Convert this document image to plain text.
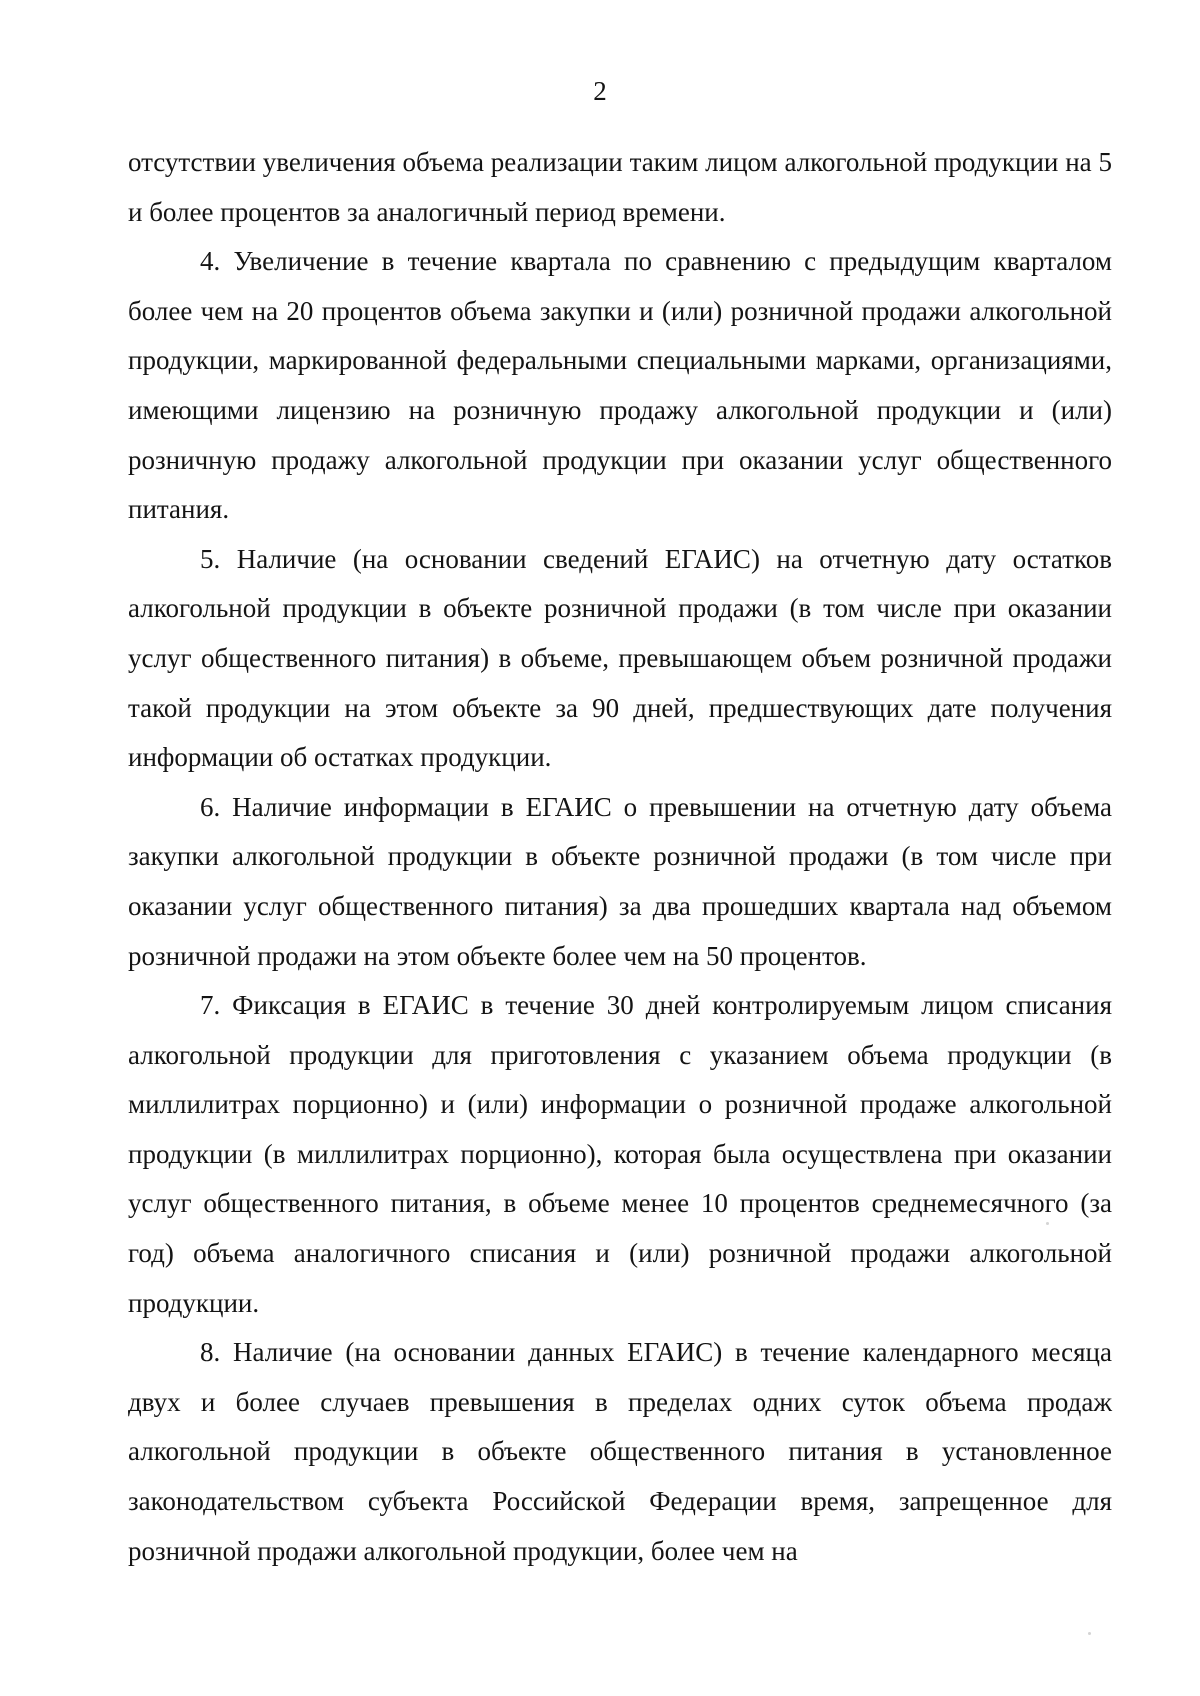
2

отсутствии увеличения объема реализации таким лицом алкогольной продукции на 5 и более процентов за аналогичный период времени.

4. Увеличение в течение квартала по сравнению с предыдущим кварталом более чем на 20 процентов объема закупки и (или) розничной продажи алкогольной продукции, маркированной федеральными специальными марками, организациями, имеющими лицензию на розничную продажу алкогольной продукции и (или) розничную продажу алкогольной продукции при оказании услуг общественного питания.

5. Наличие (на основании сведений ЕГАИС) на отчетную дату остатков алкогольной продукции в объекте розничной продажи (в том числе при оказании услуг общественного питания) в объеме, превышающем объем розничной продажи такой продукции на этом объекте за 90 дней, предшествующих дате получения информации об остатках продукции.

6. Наличие информации в ЕГАИС о превышении на отчетную дату объема закупки алкогольной продукции в объекте розничной продажи (в том числе при оказании услуг общественного питания) за два прошедших квартала над объемом розничной продажи на этом объекте более чем на 50 процентов.

7. Фиксация в ЕГАИС в течение 30 дней контролируемым лицом списания алкогольной продукции для приготовления с указанием объема продукции (в миллилитрах порционно) и (или) информации о розничной продаже алкогольной продукции (в миллилитрах порционно), которая была осуществлена при оказании услуг общественного питания, в объеме менее 10 процентов среднемесячного (за год) объема аналогичного списания и (или) розничной продажи алкогольной продукции.

8. Наличие (на основании данных ЕГАИС) в течение календарного месяца двух и более случаев превышения в пределах одних суток объема продаж алкогольной продукции в объекте общественного питания в установленное законодательством субъекта Российской Федерации время, запрещенное для розничной продажи алкогольной продукции, более чем на
